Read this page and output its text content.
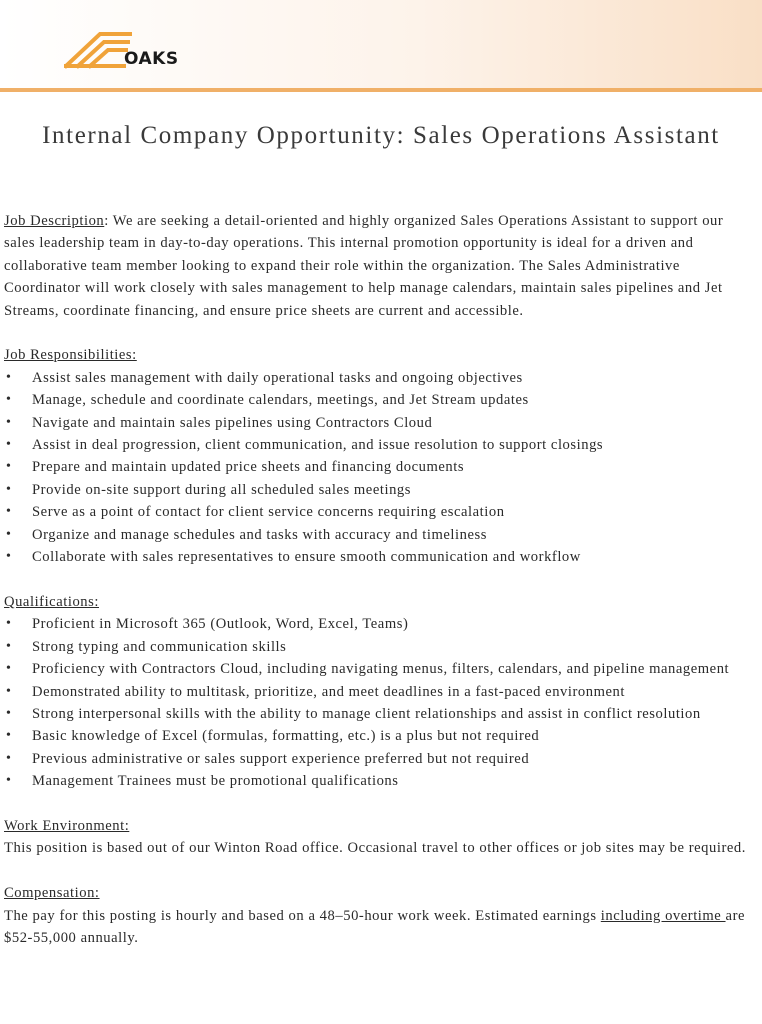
OAKS
Internal Company Opportunity: Sales Operations Assistant

Job Description: We are seeking a detail-oriented and highly organized Sales Operations Assistant to support our sales leadership team in day-to-day operations. This internal promotion opportunity is ideal for a driven and collaborative team member looking to expand their role within the organization. The Sales Administrative Coordinator will work closely with sales management to help manage calendars, maintain sales pipelines and Jet Streams, coordinate financing, and ensure price sheets are current and accessible.

Job Responsibilities:

• Assist sales management with daily operational tasks and ongoing objectives
• Manage, schedule and coordinate calendars, meetings, and Jet Stream updates
• Navigate and maintain sales pipelines using Contractors Cloud
• Assist in deal progression, client communication, and issue resolution to support closings
• Prepare and maintain updated price sheets and financing documents
• Provide on-site support during all scheduled sales meetings
• Serve as a point of contact for client service concerns requiring escalation
• Organize and manage schedules and tasks with accuracy and timeliness
• Collaborate with sales representatives to ensure smooth communication and workflow

Qualifications:

• Proficient in Microsoft 365 (Outlook, Word, Excel, Teams)
• Strong typing and communication skills
• Proficiency with Contractors Cloud, including navigating menus, filters, calendars, and pipeline management
• Demonstrated ability to multitask, prioritize, and meet deadlines in a fast-paced environment
• Strong interpersonal skills with the ability to manage client relationships and assist in conflict resolution
• Basic knowledge of Excel (formulas, formatting, etc.) is a plus but not required
• Previous administrative or sales support experience preferred but not required
• Management Trainees must be promotional qualifications

Work Environment:

This position is based out of our Winton Road office. Occasional travel to other offices or job sites may be required.

Compensation:

The pay for this posting is hourly and based on a 48–50-hour work week. Estimated earnings including overtime are $52-55,000 annually.
